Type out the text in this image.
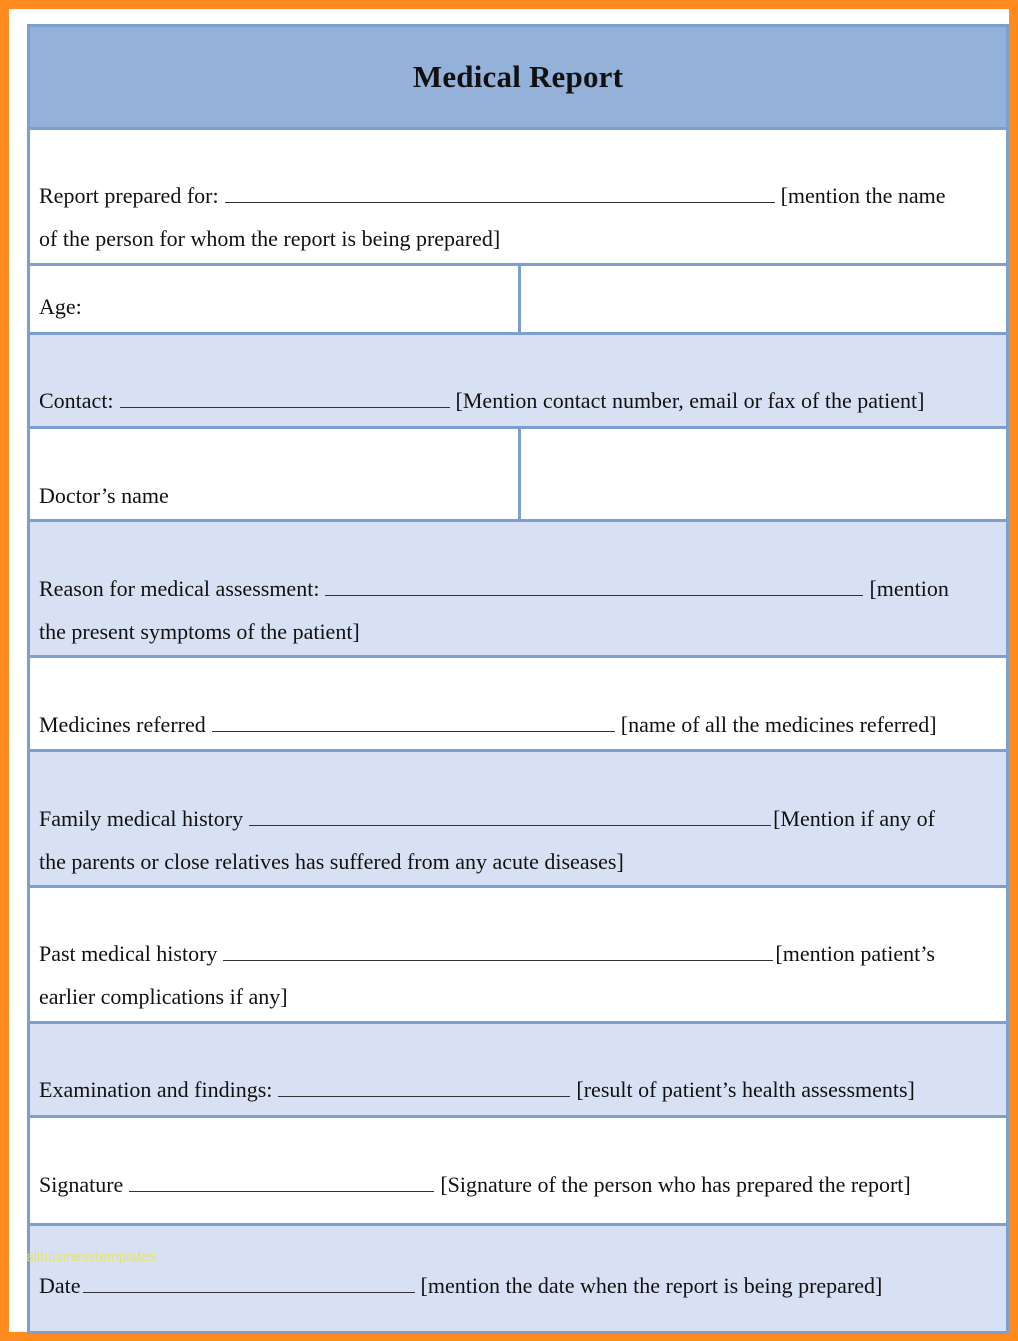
Medical Report
Report prepared for:	[mention the name
of the person for whom the report is being prepared]
Age:
Contact:	[Mention contact number, email or fax of the patient]
Doctor’s name
Reason for medical assessment:	[mention
the present symptoms of the patient]
Medicines referred	[name of all the medicines referred]
Family medical history	[Mention if any of
the parents or close relatives has suffered from any acute diseases]
Past medical history	[mention patient’s
earlier complications if any]
Examination and findings:	[result of patient’s health assessments]
Signature	[Signature of the person who has prepared the report]
Date	[mention the date when the report is being prepared]
allbusinesstemplates
